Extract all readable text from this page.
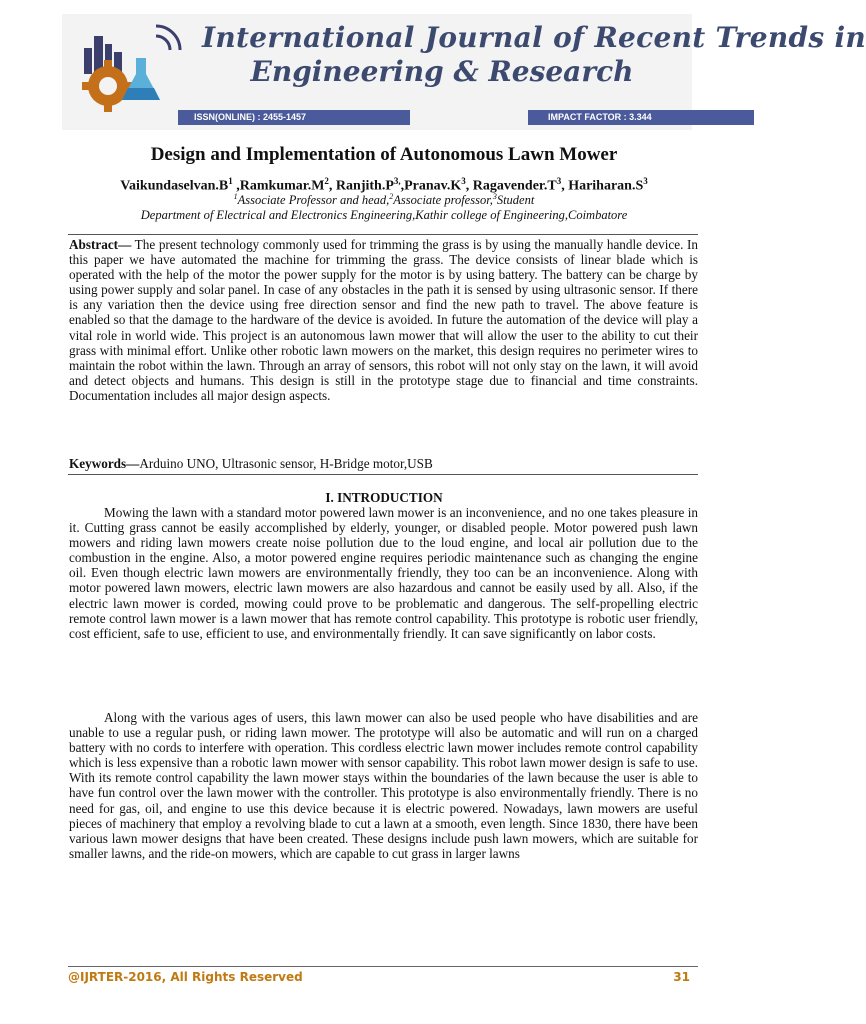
International Journal of Recent Trends in
Engineering & Research
ISSN(ONLINE) : 2455-1457	IMPACT FACTOR : 3.344
Design and Implementation of Autonomous Lawn Mower
$Vaikundaselvan.B^1$ $,Ramkumar.M^2$, $Ranjith.P^{3,},Pranav.K^3$, $Ragavender.T^3$, $Hariharan.S^3$
$^1$Associate Professor and head,$^2$Associate professor,$^3$Student
Department of Electrical and Electronics Engineering,Kathir college of Engineering,Coimbatore

Abstract— The present technology commonly used for trimming the grass is by using the manually handle device. In this paper we have automated the machine for trimming the grass. The device consists of linear blade which is operated with the help of the motor the power supply for the motor is by using battery. The battery can be charge by using power supply and solar panel. In case of any obstacles in the path it is sensed by using ultrasonic sensor. If there is any variation then the device using free direction sensor and find the new path to travel. The above feature is enabled so that the damage to the hardware of the device is avoided. In future the automation of the device will play a vital role in world wide. This project is an autonomous lawn mower that will allow the user to the ability to cut their grass with minimal effort. Unlike other robotic lawn mowers on the market, this design requires no perimeter wires to maintain the robot within the lawn. Through an array of sensors, this robot will not only stay on the lawn, it will avoid and detect objects and humans. This design is still in the prototype stage due to financial and time constraints. Documentation includes all major design aspects.

Keywords—Arduino UNO, Ultrasonic sensor, H-Bridge motor,USB

I. INTRODUCTION

Mowing the lawn with a standard motor powered lawn mower is an inconvenience, and no one takes pleasure in it. Cutting grass cannot be easily accomplished by elderly, younger, or disabled people. Motor powered push lawn mowers and riding lawn mowers create noise pollution due to the loud engine, and local air pollution due to the combustion in the engine. Also, a motor powered engine requires periodic maintenance such as changing the engine oil. Even though electric lawn mowers are environmentally friendly, they too can be an inconvenience. Along with motor powered lawn mowers, electric lawn mowers are also hazardous and cannot be easily used by all. Also, if the electric lawn mower is corded, mowing could prove to be problematic and dangerous. The self-propelling electric remote control lawn mower is a lawn mower that has remote control capability. This prototype is robotic user friendly, cost efficient, safe to use, efficient to use, and environmentally friendly. It can save significantly on labor costs.

Along with the various ages of users, this lawn mower can also be used people who have disabilities and are unable to use a regular push, or riding lawn mower. The prototype will also be automatic and will run on a charged battery with no cords to interfere with operation. This cordless electric lawn mower includes remote control capability which is less expensive than a robotic lawn mower with sensor capability. This robot lawn mower design is safe to use. With its remote control capability the lawn mower stays within the boundaries of the lawn because the user is able to have fun control over the lawn mower with the controller. This prototype is also environmentally friendly. There is no need for gas, oil, and engine to use this device because it is electric powered. Nowadays, lawn mowers are useful pieces of machinery that employ a revolving blade to cut a lawn at a smooth, even length. Since 1830, there have been various lawn mower designs that have been created. These designs include push lawn mowers, which are suitable for smaller lawns, and the ride-on mowers, which are capable to cut grass in larger lawns

@IJRTER-2016, All Rights Reserved	31
